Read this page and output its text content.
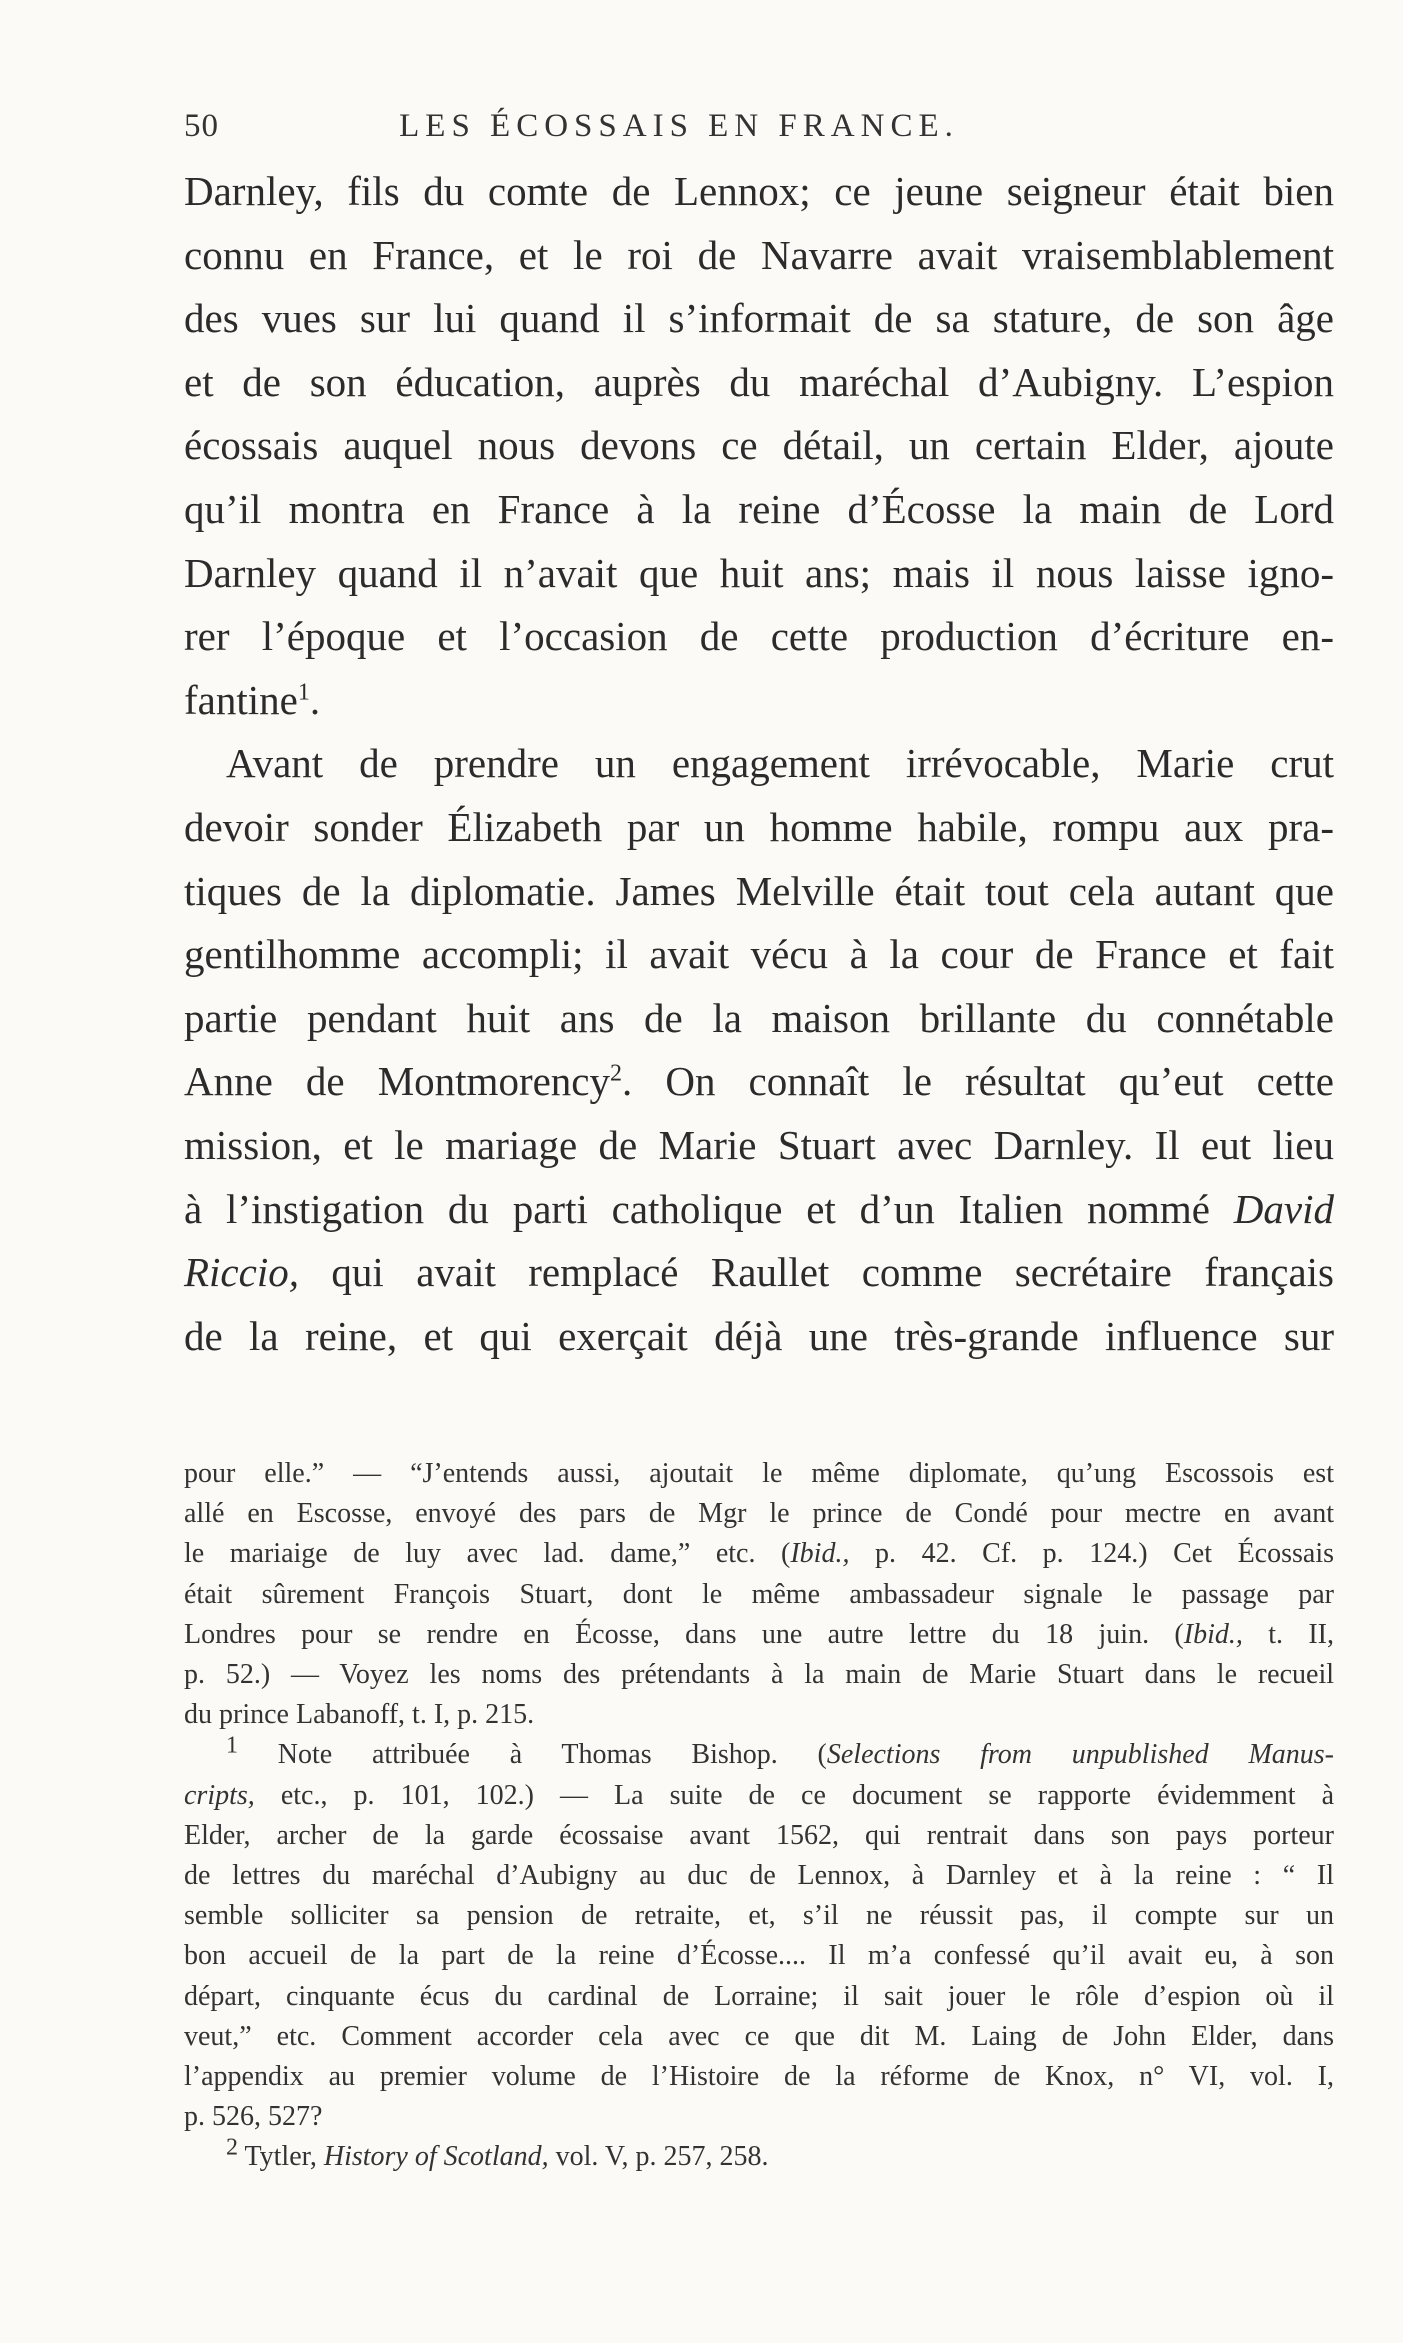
50	LES ÉCOSSAIS EN FRANCE.

Darnley, fils du comte de Lennox; ce jeune seigneur était bien
connu en France, et le roi de Navarre avait vraisemblablement
des vues sur lui quand il s’informait de sa stature, de son âge
et de son éducation, auprès du maréchal d’Aubigny. L’espion
écossais auquel nous devons ce détail, un certain Elder, ajoute
qu’il montra en France à la reine d’Écosse la main de Lord
Darnley quand il n’avait que huit ans; mais il nous laisse igno-
rer l’époque et l’occasion de cette production d’écriture en-
fantine$^1$.

Avant de prendre un engagement irrévocable, Marie crut
devoir sonder Élizabeth par un homme habile, rompu aux pra-
tiques de la diplomatie. James Melville était tout cela autant que
gentilhomme accompli; il avait vécu à la cour de France et fait
partie pendant huit ans de la maison brillante du connétable
Anne de Montmorency$^2$. On connaît le résultat qu’eut cette
mission, et le mariage de Marie Stuart avec Darnley. Il eut lieu
à l’instigation du parti catholique et d’un Italien nommé David
Riccio, qui avait remplacé Raullet comme secrétaire français
de la reine, et qui exerçait déjà une très-grande influence sur

pour elle.” — “J’entends aussi, ajoutait le même diplomate, qu’ung Escossois est
allé en Escosse, envoyé des pars de Mgr le prince de Condé pour mectre en avant
le mariaige de luy avec lad. dame,” etc. (Ibid., p. 42. Cf. p. 124.) Cet Écossais
était sûrement François Stuart, dont le même ambassadeur signale le passage par
Londres pour se rendre en Écosse, dans une autre lettre du 18 juin. (Ibid., t. II,
p. 52.) — Voyez les noms des prétendants à la main de Marie Stuart dans le recueil
du prince Labanoff, t. I, p. 215.
$^1$ Note attribuée à Thomas Bishop. (Selections from unpublished Manus-
cripts, etc., p. 101, 102.) — La suite de ce document se rapporte évidemment à
Elder, archer de la garde écossaise avant 1562, qui rentrait dans son pays porteur
de lettres du maréchal d’Aubigny au duc de Lennox, à Darnley et à la reine : “ Il
semble solliciter sa pension de retraite, et, s’il ne réussit pas, il compte sur un
bon accueil de la part de la reine d’Écosse.... Il m’a confessé qu’il avait eu, à son
départ, cinquante écus du cardinal de Lorraine; il sait jouer le rôle d’espion où il
veut,” etc. Comment accorder cela avec ce que dit M. Laing de John Elder, dans
l’appendix au premier volume de l’Histoire de la réforme de Knox, n° VI, vol. I,
p. 526, 527?
$^2$ Tytler, History of Scotland, vol. V, p. 257, 258.
